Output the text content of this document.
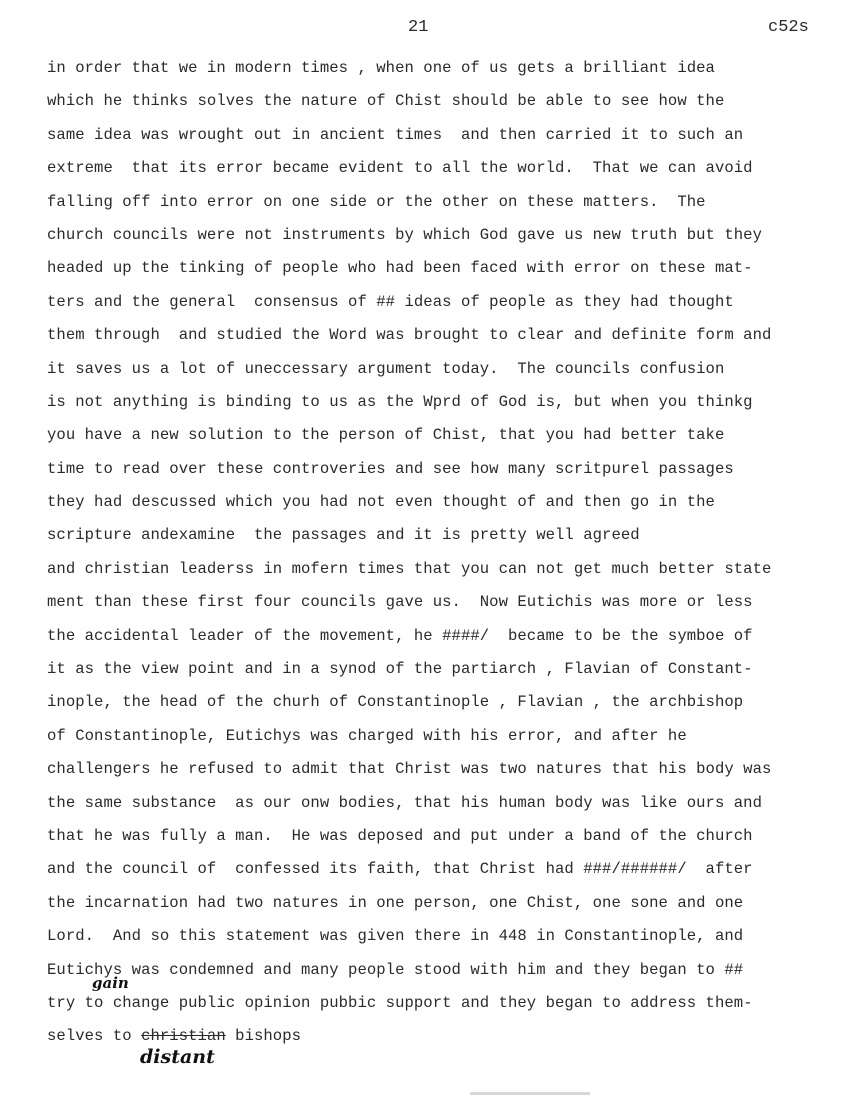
21	c52s
in order that we in modern times , when one of us gets a brilliant idea
which he thinks solves the nature of Chist should be able to see how the
same idea was wrought out in ancient times  and then carried it to such an
extreme  that its error became evident to all the world.  That we can avoid
falling off into error on one side or the other on these matters.  The
church councils were not instruments by which God gave us new truth but they
headed up the tinking of people who had been faced with error on these mat-
ters and the general  consensus of ## ideas of people as they had thought
them through  and studied the Word was brought to clear and definite form and
it saves us a lot of uneccessary argument today.  The councils confusion
is not anything is binding to us as the Wprd of God is, but when you thinkg
you have a new solution to the person of Chist, that you had better take
time to read over these controveries and see how many scritpurel passages
they had descussed which you had not even thought of and then go in the
scripture andexamine  the passages and it is pretty well agreed
and christian leaderss in mofern times that you can not get much better state
ment than these first four councils gave us.  Now Eutichis was more or less
the accidental leader of the movement, he ####/  became to be the symboe of
it as the view point and in a synod of the partiarch , Flavian of Constant-
inople, the head of the churh of Constantinople , Flavian , the archbishop
of Constantinople, Eutichys was charged with his error, and after he
challengers he refused to admit that Christ was two natures that his body was
the same substance  as our onw bodies, that his human body was like ours and
that he was fully a man.  He was deposed and put under a band of the church
and the council of  confessed its faith, that Christ had ###/######/  after
the incarnation had two natures in one person, one Chist, one sone and one
Lord.  And so this statement was given there in 448 in Constantinople, and
Eutichys was condemned and many people stood with him and they began to ##
try to change public opinion pubbic support and they began to address them-
selves to christian bishops
gain
distant
